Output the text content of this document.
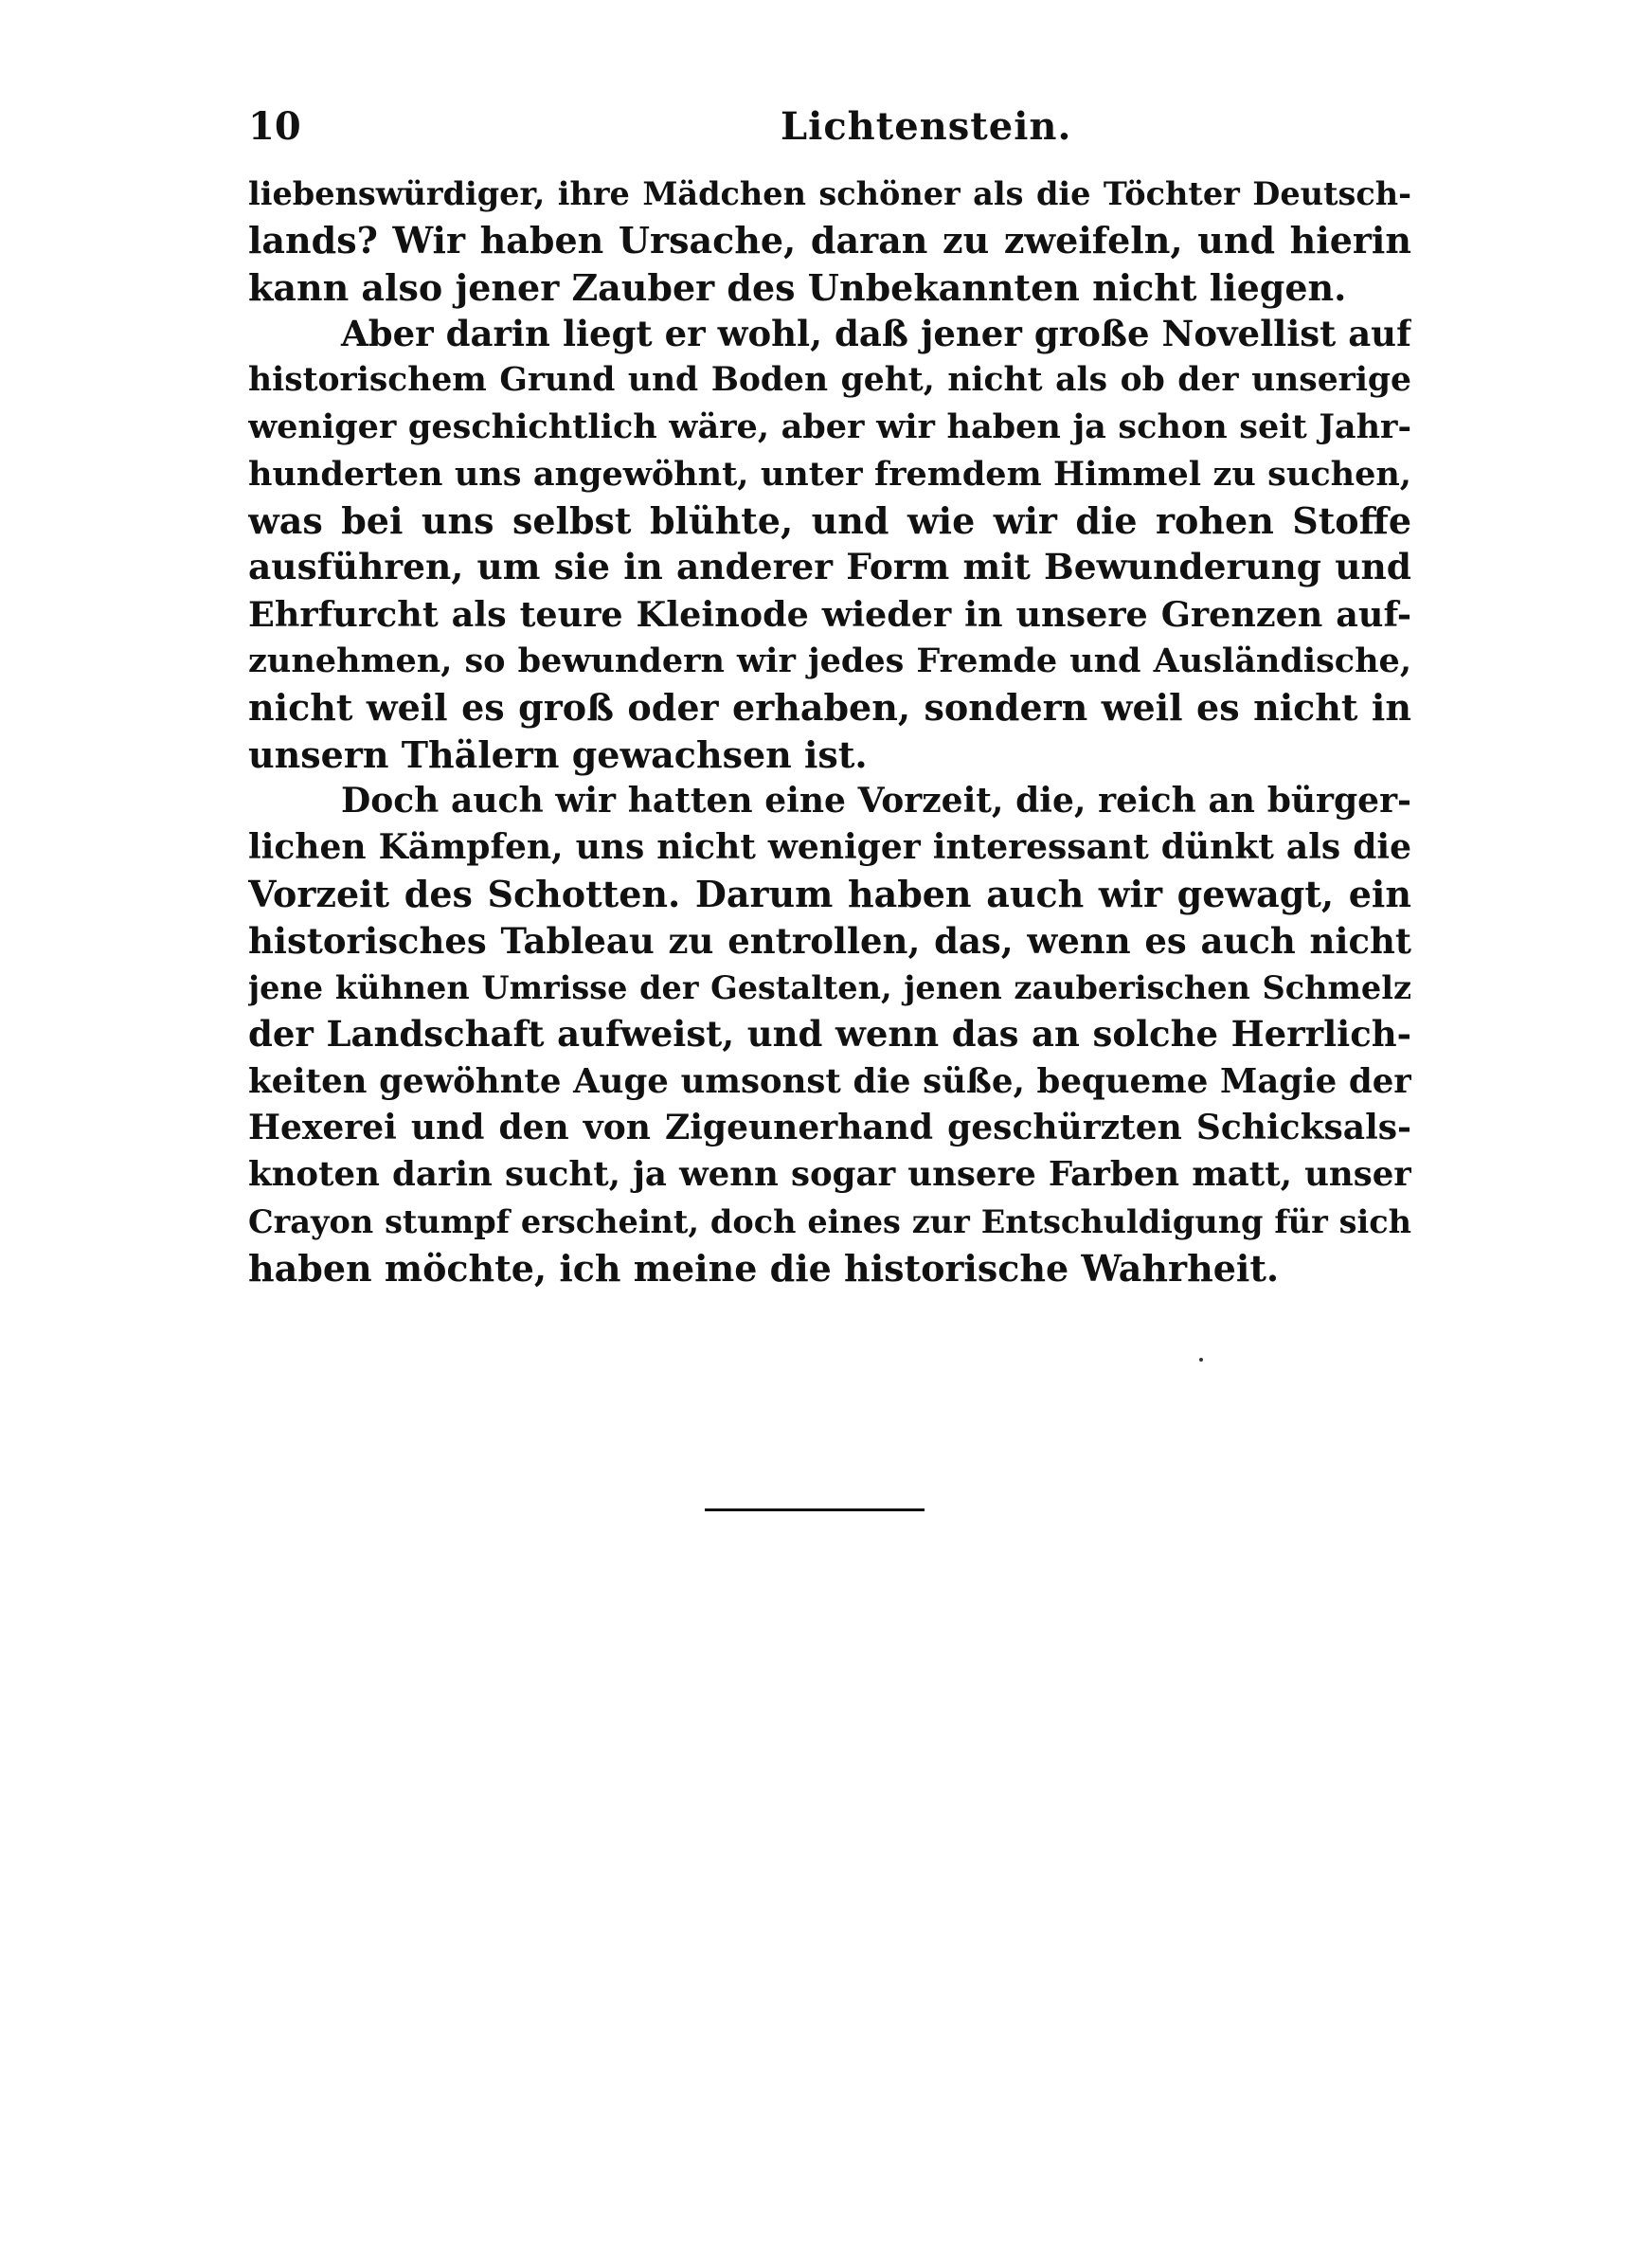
10	Lichtenstein.
liebenswürdiger, ihre Mädchen schöner als die Töchter Deutsch-
lands? Wir haben Ursache, daran zu zweifeln, und hierin
kann also jener Zauber des Unbekannten nicht liegen.
Aber darin liegt er wohl, daß jener große Novellist auf
historischem Grund und Boden geht, nicht als ob der unserige
weniger geschichtlich wäre, aber wir haben ja schon seit Jahr-
hunderten uns angewöhnt, unter fremdem Himmel zu suchen,
was bei uns selbst blühte, und wie wir die rohen Stoffe
ausführen, um sie in anderer Form mit Bewunderung und
Ehrfurcht als teure Kleinode wieder in unsere Grenzen auf-
zunehmen, so bewundern wir jedes Fremde und Ausländische,
nicht weil es groß oder erhaben, sondern weil es nicht in
unsern Thälern gewachsen ist.
Doch auch wir hatten eine Vorzeit, die, reich an bürger-
lichen Kämpfen, uns nicht weniger interessant dünkt als die
Vorzeit des Schotten. Darum haben auch wir gewagt, ein
historisches Tableau zu entrollen, das, wenn es auch nicht
jene kühnen Umrisse der Gestalten, jenen zauberischen Schmelz
der Landschaft aufweist, und wenn das an solche Herrlich-
keiten gewöhnte Auge umsonst die süße, bequeme Magie der
Hexerei und den von Zigeunerhand geschürzten Schicksals-
knoten darin sucht, ja wenn sogar unsere Farben matt, unser
Crayon stumpf erscheint, doch eines zur Entschuldigung für sich
haben möchte, ich meine die historische Wahrheit.
